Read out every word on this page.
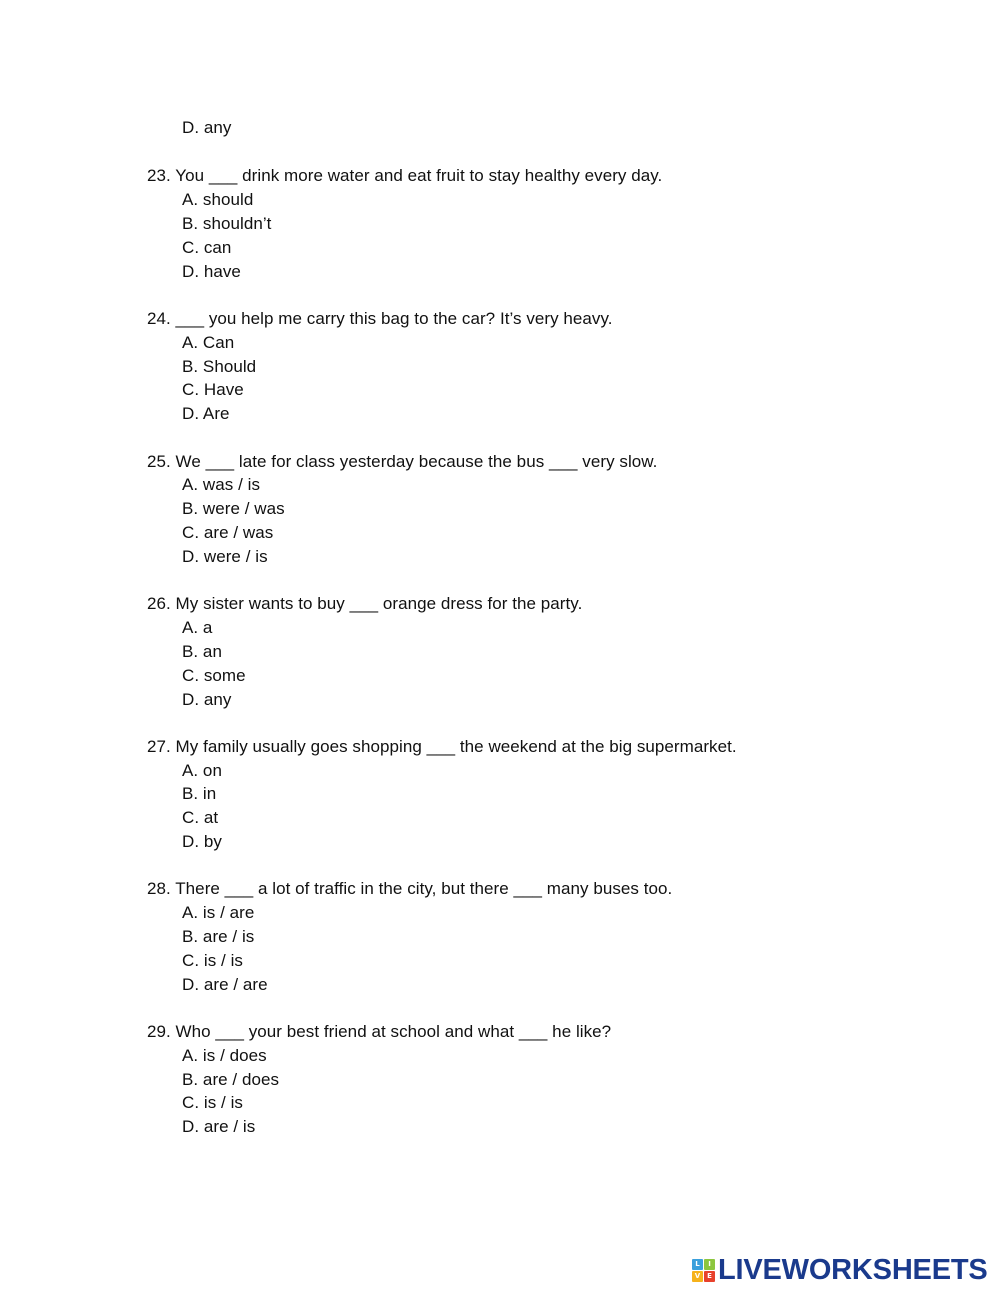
D. any
23. You ___ drink more water and eat fruit to stay healthy every day.
A. should
B. shouldn’t
C. can
D. have
24. ___ you help me carry this bag to the car? It’s very heavy.
A. Can
B. Should
C. Have
D. Are
25. We ___ late for class yesterday because the bus ___ very slow.
A. was / is
B. were / was
C. are / was
D. were / is
26. My sister wants to buy ___ orange dress for the party.
A. a
B. an
C. some
D. any
27. My family usually goes shopping ___ the weekend at the big supermarket.
A. on
B. in
C. at
D. by
28. There ___ a lot of traffic in the city, but there ___ many buses too.
A. is / are
B. are / is
C. is / is
D. are / are
29. Who ___ your best friend at school and what ___ he like?
A. is / does
B. are / does
C. is / is
D. are / is
L	I
V E LIVEWORKSHEETS
